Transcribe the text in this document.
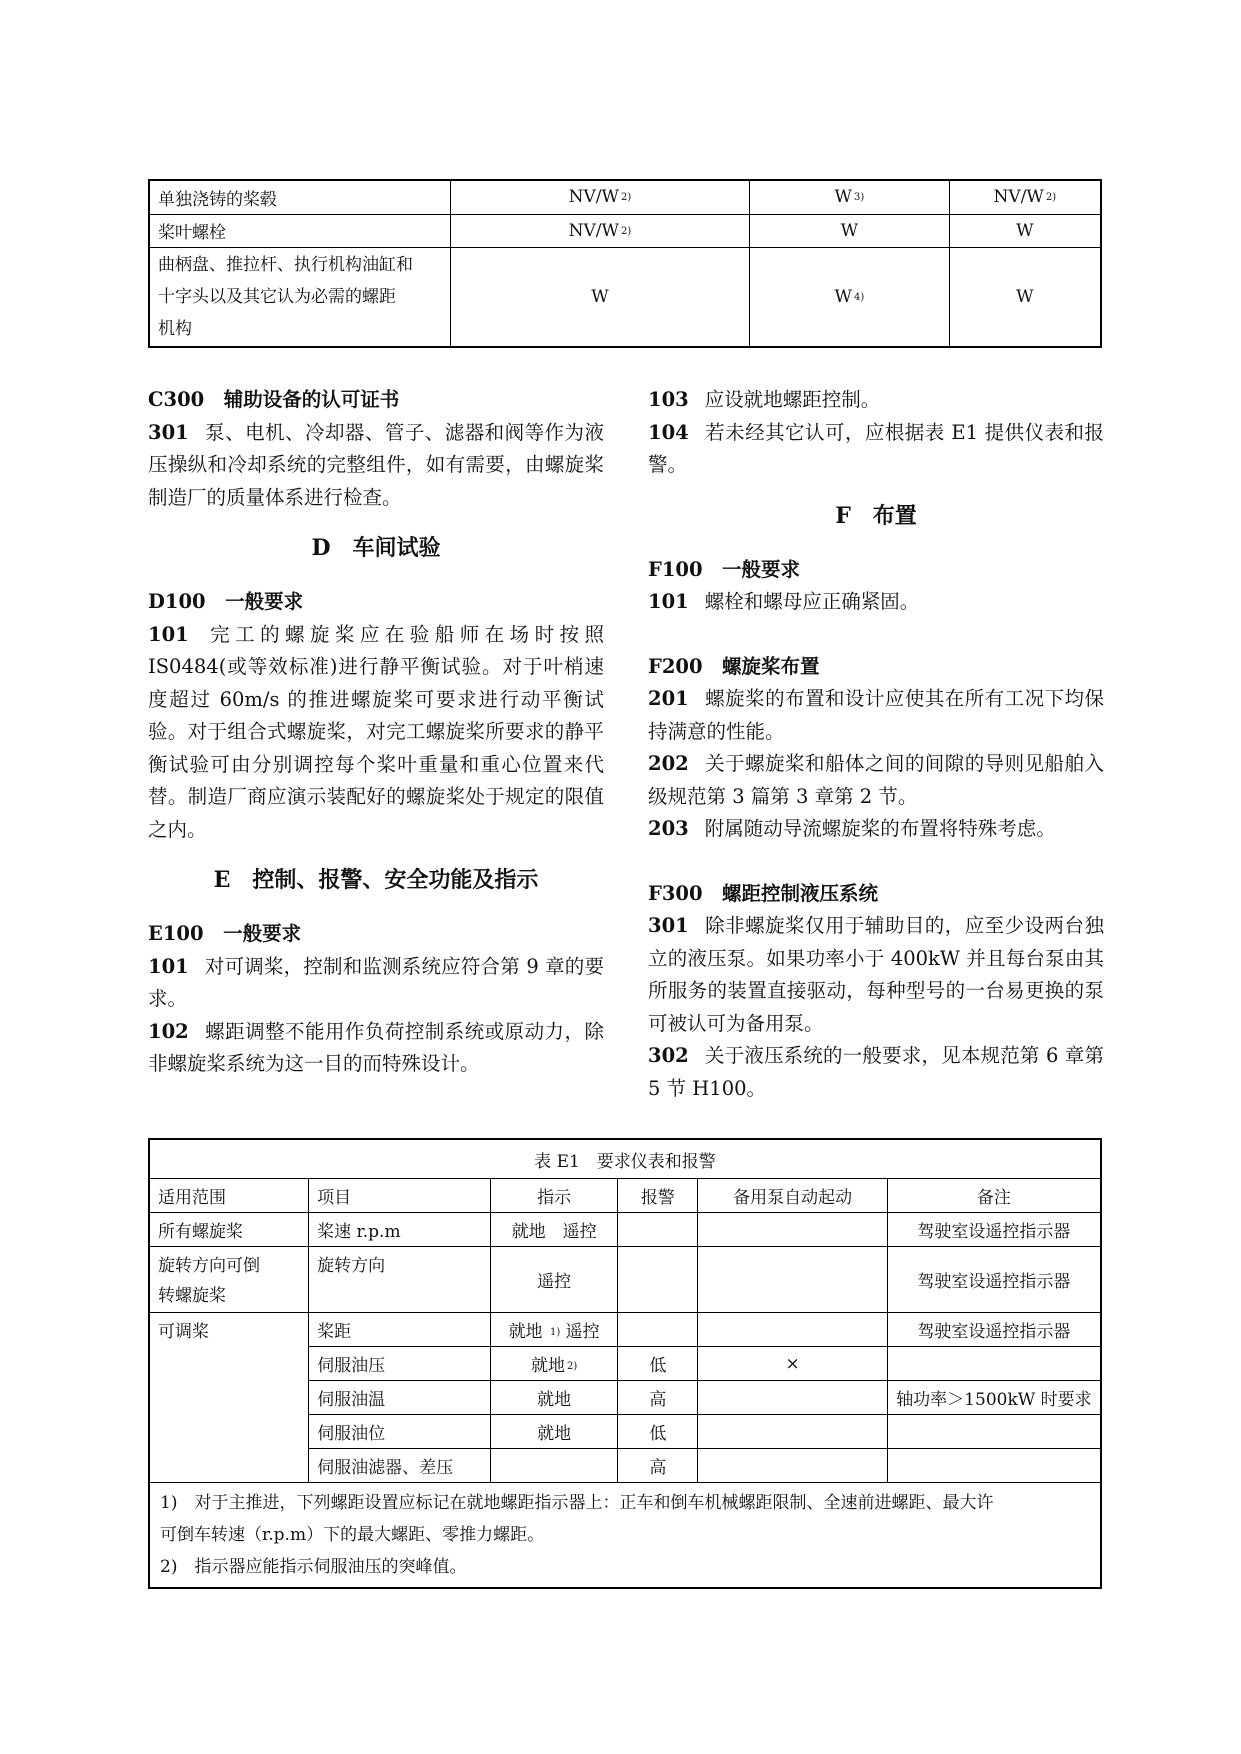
单独浇铸的桨毂	NV/W $^{2)}$	W $^{3)}$	NV/W $^{2)}$
桨叶螺栓	NV/W $^{2)}$	W	W

曲柄盘、推拉杆、执行机构油缸和
十字头以及其它认为必需的螺距
机构	W	W $^{4)}$	W

C300　辅助设备的认可证书

301 泵、电机、冷却器、管子、滤器和阀等作为液压操纵和冷却系统的完整组件，如有需要，由螺旋桨制造厂的质量体系进行检查。

D　车间试验

D100　一般要求

101 完工的螺旋桨应在验船师在场时按照IS0484(或等效标准)进行静平衡试验。对于叶梢速度超过 60m/s 的推进螺旋桨可要求进行动平衡试验。对于组合式螺旋桨，对完工螺旋桨所要求的静平衡试验可由分别调控每个桨叶重量和重心位置来代替。制造厂商应演示装配好的螺旋桨处于规定的限值之内。

E　控制、报警、安全功能及指示

E100　一般要求

101 对可调桨，控制和监测系统应符合第 9 章的要求。

102 螺距调整不能用作负荷控制系统或原动力，除非螺旋桨系统为这一目的而特殊设计。

103 应设就地螺距控制。

104 若未经其它认可，应根据表 E1 提供仪表和报警。

F　布置

F100　一般要求

101 螺栓和螺母应正确紧固。

F200　螺旋桨布置

201 螺旋桨的布置和设计应使其在所有工况下均保持满意的性能。

202 关于螺旋桨和船体之间的间隙的导则见船舶入级规范第 3 篇第 3 章第 2 节。

203 附属随动导流螺旋桨的布置将特殊考虑。

F300　螺距控制液压系统

301 除非螺旋桨仅用于辅助目的，应至少设两台独立的液压泵。如果功率小于 400kW 并且每台泵由其所服务的装置直接驱动，每种型号的一台易更换的泵可被认可为备用泵。

302 关于液压系统的一般要求，见本规范第 6 章第 5 节 H100。

表 E1　要求仪表和报警					
适用范围	项目	指示	报警	备用泵自动起动	备注
所有螺旋桨	桨速 r.p.m	就地　遥控			驾驶室设遥控指示器

旋转方向可倒
转螺旋桨	旋转方向	遥控			驾驶室设遥控指示器
可调桨	桨距	就地 $^{1)}$ 遥控			驾驶室设遥控指示器
	伺服油压	就地 $^{2)}$	低	×	
	伺服油温	就地	高		轴功率＞1500kW 时要求
	伺服油位	就地	低		
	伺服油滤器、差压		高		

1)　对于主推进，下列螺距设置应标记在就地螺距指示器上：正车和倒车机械螺距限制、全速前进螺距、最大许
可倒车转速（r.p.m）下的最大螺距、零推力螺距。
2)　指示器应能指示伺服油压的突峰值。					
